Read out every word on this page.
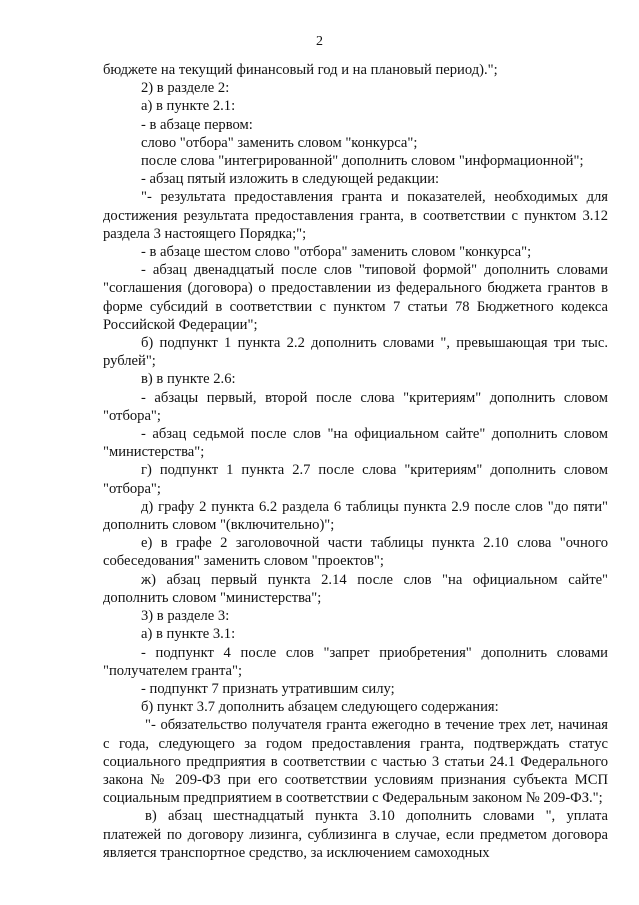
2

бюджете на текущий финансовый год и на плановый период).";

2) в разделе 2:

а) в пункте 2.1:

- в абзаце первом:

слово "отбора" заменить словом "конкурса";

после слова "интегрированной" дополнить словом "информационной";

- абзац пятый изложить в следующей редакции:

"- результата предоставления гранта и показателей, необходимых для достижения результата предоставления гранта, в соответствии с пунктом 3.12 раздела 3 настоящего Порядка;";

- в абзаце шестом слово "отбора" заменить словом "конкурса";

- абзац двенадцатый после слов "типовой формой" дополнить словами "соглашения (договора) о предоставлении из федерального бюджета грантов в форме субсидий в соответствии с пунктом 7 статьи 78 Бюджетного кодекса Российской Федерации";

б) подпункт 1 пункта 2.2 дополнить словами ", превышающая три тыс. рублей";

в) в пункте 2.6:

- абзацы первый, второй после слова "критериям" дополнить словом "отбора";

- абзац седьмой после слов "на официальном сайте" дополнить словом "министерства";

г) подпункт 1 пункта 2.7 после слова "критериям" дополнить словом "отбора";

д) графу 2 пункта 6.2 раздела 6 таблицы пункта 2.9 после слов "до пяти" дополнить словом "(включительно)";

е) в графе 2 заголовочной части таблицы пункта 2.10 слова "очного собеседования" заменить словом "проектов";

ж) абзац первый пункта 2.14 после слов "на официальном сайте" дополнить словом "министерства";

3) в разделе 3:

а) в пункте 3.1:

- подпункт 4 после слов "запрет приобретения" дополнить словами "получателем гранта";

- подпункт 7 признать утратившим силу;

б) пункт 3.7 дополнить абзацем следующего содержания:

"- обязательство получателя гранта ежегодно в течение трех лет, начиная с года, следующего за годом предоставления гранта, подтверждать статус социального предприятия в соответствии с частью 3 статьи 24.1 Федерального закона № 209-ФЗ при его соответствии условиям признания субъекта МСП социальным предприятием в соответствии с Федеральным законом № 209-ФЗ.";

в) абзац шестнадцатый пункта 3.10 дополнить словами ", уплата платежей по договору лизинга, сублизинга в случае, если предметом договора является транспортное средство, за исключением самоходных
